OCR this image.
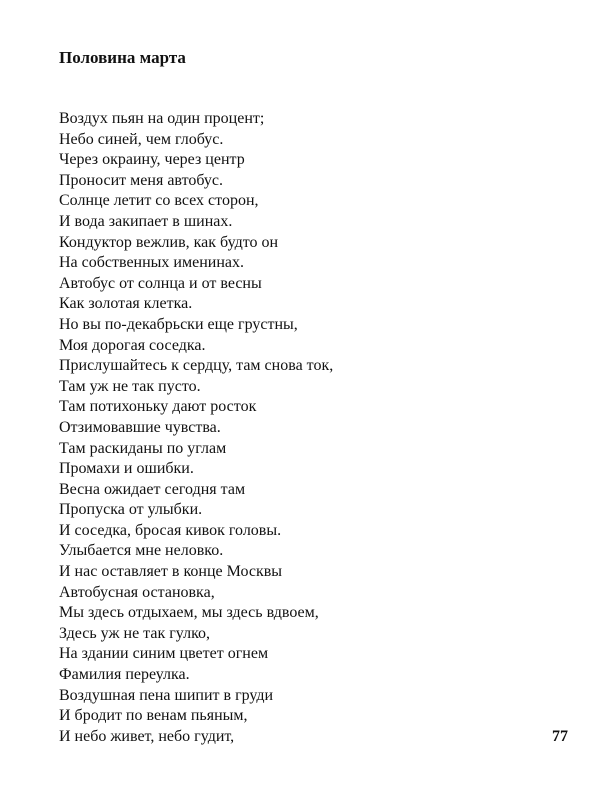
Половина марта
Воздух пьян на один процент;
Небо синей, чем глобус.
Через окраину, через центр
Проносит меня автобус.
Солнце летит со всех сторон,
И вода закипает в шинах.
Кондуктор вежлив, как будто он
На собственных именинах.
Автобус от солнца и от весны
Как золотая клетка.
Но вы по-декабрьски еще грустны,
Моя дорогая соседка.
Прислушайтесь к сердцу, там снова ток,
Там уж не так пусто.
Там потихоньку дают росток
Отзимовавшие чувства.
Там раскиданы по углам
Промахи и ошибки.
Весна ожидает сегодня там
Пропуска от улыбки.
И соседка, бросая кивок головы.
Улыбается мне неловко.
И нас оставляет в конце Москвы
Автобусная остановка,
Мы здесь отдыхаем, мы здесь вдвоем,
Здесь уж не так гулко,
На здании синим цветет огнем
Фамилия переулка.
Воздушная пена шипит в груди
И бродит по венам пьяным,
И небо живет, небо гудит,	77
